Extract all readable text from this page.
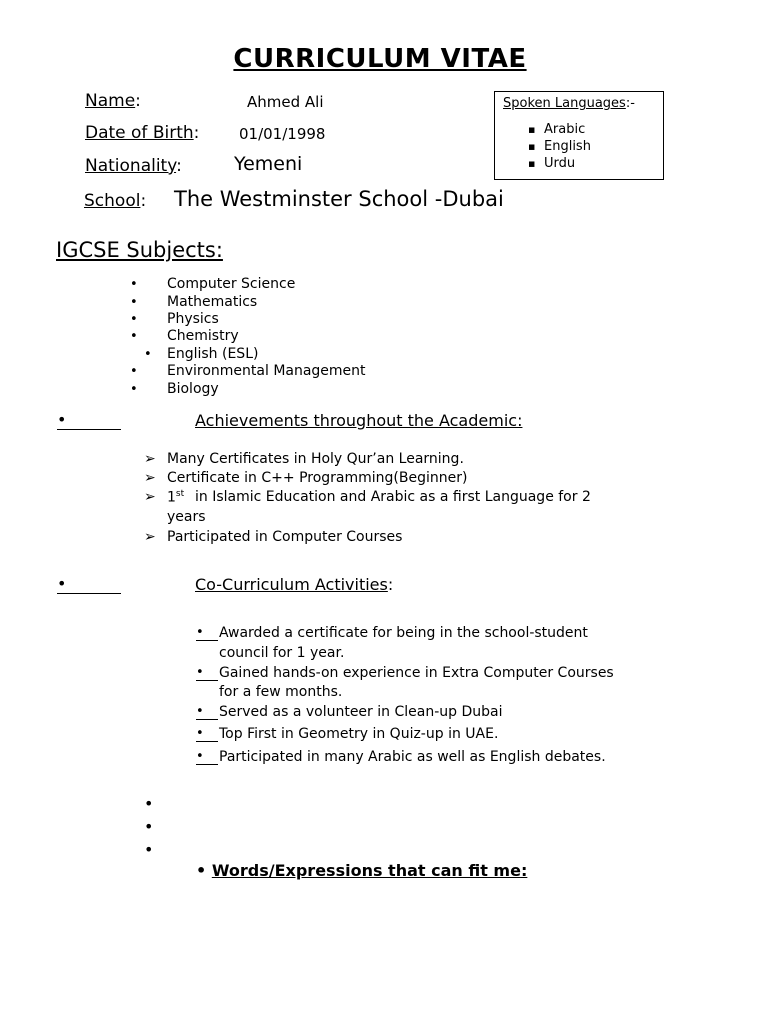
CURRICULUM VITAE
Name:	Ahmed Ali
Date of Birth:	01/01/1998
Nationality:	Yemeni
School: The Westminster School -Dubai
Spoken Languages:-
▪ Arabic
▪ English
▪ Urdu
IGCSE Subjects:
• Computer Science
• Mathematics
• Physics
• Chemistry
• English (ESL)
• Environmental Management
• Biology
•	Achievements throughout the Academic:
➢ Many Certificates in Holy Qur’an Learning.
➢ Certificate in C++ Programming(Beginner)
➢ 1st in Islamic Education and Arabic as a first Language for 2
years
➢ Participated in Computer Courses
•	Co-Curriculum Activities:
•	Awarded a certificate for being in the school-student
council for 1 year.
•	Gained hands-on experience in Extra Computer Courses
for a few months.
•	Served as a volunteer in Clean-up Dubai
•	Top First in Geometry in Quiz-up in UAE.
•	Participated in many Arabic as well as English debates.
•
•
•
• Words/Expressions that can fit me:
